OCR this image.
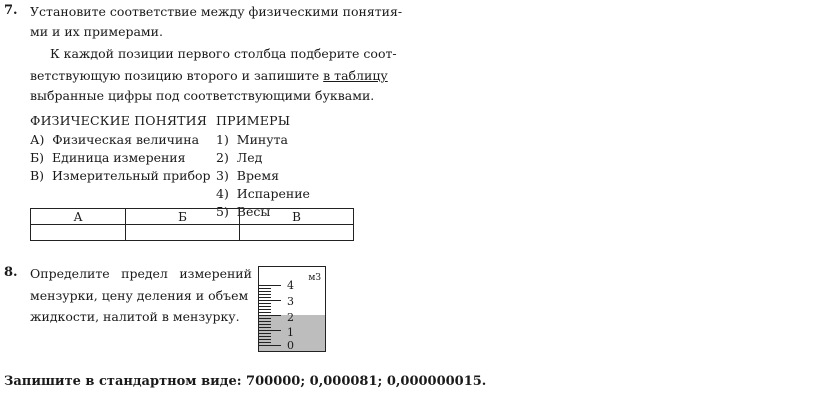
7. Установите соответствие между физическими понятия-
ми и их примерами.
К каждой позиции первого столбца подберите соот-
ветствующую позицию второго и запишите в таблицу
выбранные цифры под соответствующими буквами.
ФИЗИЧЕСКИЕ ПОНЯТИЯ ПРИМЕРЫ
А) Физическая величина
Б) Единица измерения
В) Измерительный прибор
1) Минута
2) Лед
3) Время
4) Испарение
5) Весы
А	Б	В

8. Определите предел измерений
мензурки, цену деления и объем
жидкости, налитой в мензурку.
мЗ
4
3
2
1
0
Запишите в стандартном виде: 700000; 0,000081; 0,000000015.
